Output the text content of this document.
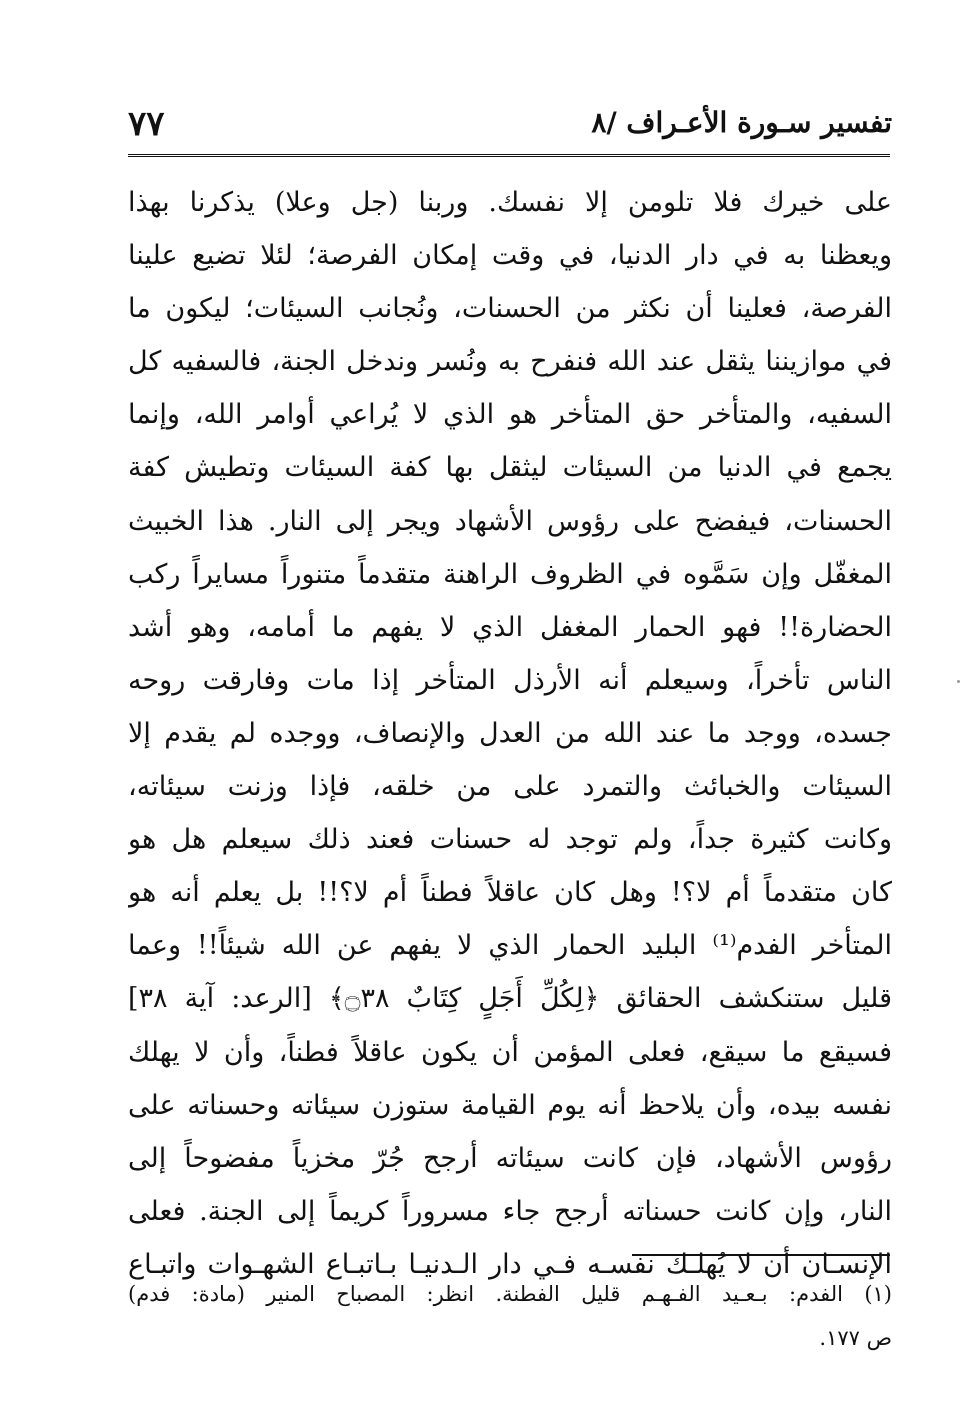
٧٧	تفسير سـورة الأعـراف /٨
على خيرك فلا تلومن إلا نفسك. وربنا (جل وعلا) يذكرنا بهذا
ويعظنا به في دار الدنيا، في وقت إمكان الفرصة؛ لئلا تضيع علينا
الفرصة، فعلينا أن نكثر من الحسنات، ونُجانب السيئات؛ ليكون ما
في موازيننا يثقل عند الله فنفرح به ونُسر وندخل الجنة، فالسفيه كل
السفيه، والمتأخر حق المتأخر هو الذي لا يُراعي أوامر الله، وإنما
يجمع في الدنيا من السيئات ليثقل بها كفة السيئات وتطيش كفة
الحسنات، فيفضح على رؤوس الأشهاد ويجر إلى النار. هذا الخبيث
المغفّل وإن سَمَّوه في الظروف الراهنة متقدماً متنوراً مسايراً ركب
الحضارة!! فهو الحمار المغفل الذي لا يفهم ما أمامه، وهو أشد
الناس تأخراً، وسيعلم أنه الأرذل المتأخر إذا مات وفارقت روحه
جسده، ووجد ما عند الله من العدل والإنصاف، ووجده لم يقدم إلا
السيئات والخبائث والتمرد على من خلقه، فإذا وزنت سيئاته،
وكانت كثيرة جداً، ولم توجد له حسنات فعند ذلك سيعلم هل هو
كان متقدماً أم لا؟! وهل كان عاقلاً فطناً أم لا؟!! بل يعلم أنه هو
المتأخر الفدم⁽¹⁾ البليد الحمار الذي لا يفهم عن الله شيئاً!! وعما
قليل ستنكشف الحقائق ﴿لِكُلِّ أَجَلٍ كِتَابٌ ۝٣٨﴾ [الرعد: آية ٣٨]
فسيقع ما سيقع، فعلى المؤمن أن يكون عاقلاً فطناً، وأن لا يهلك
نفسه بيده، وأن يلاحظ أنه يوم القيامة ستوزن سيئاته وحسناته على
رؤوس الأشهاد، فإن كانت سيئاته أرجح جُرّ مخزياً مفضوحاً إلى
النار، وإن كانت حسناته أرجح جاء مسروراً كريماً إلى الجنة. فعلى
الإنسـان أن لا يُهلـك نفسـه فـي دار الـدنيـا بـاتبـاع الشهـوات واتبـاع
(١) الفدم: بـعـيد الفـهـم قليل الفطنة. انظر: المصباح المنير (مادة: فدم)
ص ١٧٧.
